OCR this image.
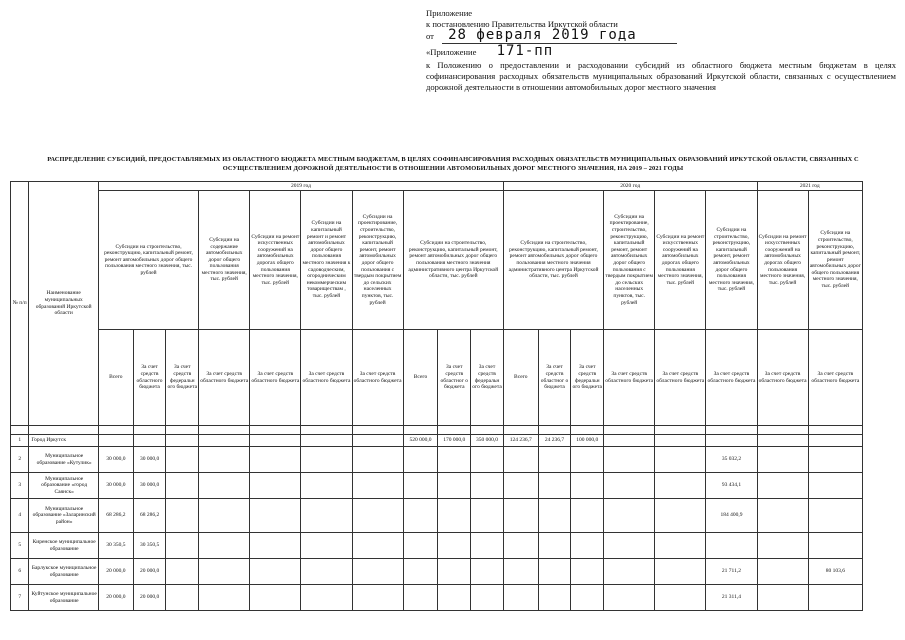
Приложение

к постановлению Правительства Иркутской области

от 28 февраля 2019 года

«Приложение 171-пп

к Положению о предоставлении и расходовании субсидий из областного бюджета местным бюджетам в целях софинансирования расходных обязательств муниципальных образований Иркутской области, связанных с осуществлением дорожной деятельности в отношении автомобильных дорог местного значения

РАСПРЕДЕЛЕНИЕ СУБСИДИЙ, ПРЕДОСТАВЛЯЕМЫХ ИЗ ОБЛАСТНОГО БЮДЖЕТА МЕСТНЫМ БЮДЖЕТАМ, В ЦЕЛЯХ СОФИНАНСИРОВАНИЯ РАСХОДНЫХ ОБЯЗАТЕЛЬСТВ МУНИЦИПАЛЬНЫХ ОБРАЗОВАНИЙ ИРКУТСКОЙ ОБЛАСТИ, СВЯЗАННЫХ С
ОСУЩЕСТВЛЕНИЕМ ДОРОЖНОЙ ДЕЯТЕЛЬНОСТИ В ОТНОШЕНИИ АВТОМОБИЛЬНЫХ ДОРОГ МЕСТНОГО ЗНАЧЕНИЯ, НА 2019 – 2021 ГОДЫ
№ п/п	Наименование муниципальных образований Иркутской области	2019 год										2020 год						2021 год	
		Субсидии на строительство, реконструкцию, капитальный ремонт, ремонт автомобильных дорог общего пользования местного значения, тыс. рублей			Субсидии на содержание автомобильных дорог общего пользования местного значения, тыс. рублей	Субсидии на ремонт искусственных сооружений на автомобильных дорогах общего пользования местного значения, тыс. рублей	Субсидии на капитальный ремонт и ремонт автомобильных дорог общего пользования местного значения к садоводческим, огородническим некоммерческим товариществам , тыс. рублей	Субсидии на проектирование, строительство, реконструкцию, капитальный ремонт, ремонт автомобильных дорог общего пользования с твердым покрытием до сельских населенных пунктов, тыс. рублей	Субсидии на строительство, реконструкцию, капитальный ремонт, ремонт автомобильных дорог общего пользования местного значения административного центра Иркутской области, тыс. рублей			Субсидии на строительство, реконструкцию, капитальный ремонт, ремонт автомобильных дорог общего пользования местного значения административного центра Иркутской области, тыс. рублей			Субсидии на проектирование, строительство, реконструкцию, капитальный ремонт, ремонт автомобильных дорог общего пользования с твердым покрытием до сельских населенных пунктов, тыс. рублей	Субсидии на ремонт искусственных сооружений на автомобильных дорогах общего пользования местного значения, тыс. рублей	Субсидии на строительство, реконструкцию, капитальный ремонт, ремонт автомобильных дорог общего пользования местного значения, тыс. рублей	Субсидии на ремонт искусственных сооружений на автомобильных дорогах общего пользования местного значения, тыс. рублей	Субсидии на строительство, реконструкцию, капитальный ремонт, ремонт автомобильных дорог общего пользования местного значения, тыс. рублей
		Всего	За счет средств областного бюджета	За счет средств федеральн ого бюджета	За счет средств областного бюджета	За счет средств областного бюджета	За счет средств областного бюджета	За счет средств областного бюджета	Всего	За счет средств областног о бюджета	За счет средств федеральн ого бюджета	Всего	За счет средств областног о бюджета	За счет средств федеральн ого бюджета	За счет средств областного бюджета	За счет средств областного бюджета	За счет средств областного бюджета	За счет средств областного бюджета	За счет средств областного бюджета

1	Город Иркутск								520 000,0	170 000,0	350 000,0	124 236,7	24 236,7	100 000,0					
2	Муниципальное образование «Кутулик»	30 000,0	30 000,0														35 032,2		
3	Муниципальное образование «город Саянск»	30 000,0	30 000,0														93 434,1		
4	Муниципальное образование «Заларинский район»	68 286,2	68 286,2														184 400,9		
5	Киренское муниципальное образование	30 350,5	30 350,5																
6	Барлукское муниципальное образование	20 000,0	20 000,0														21 711,2		80 103,6
7	Куйтунское муниципальное образование	20 000,0	20 000,0														21 311,4		
